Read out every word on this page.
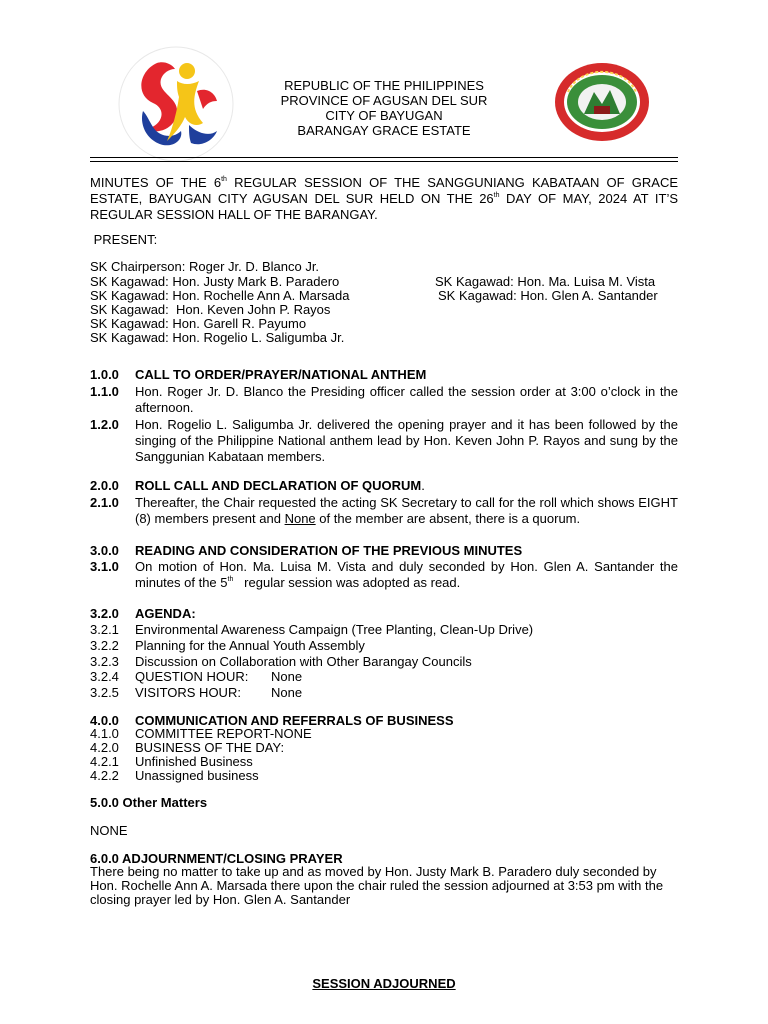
REPUBLIC OF THE PHILIPPINES
PROVINCE OF AGUSAN DEL SUR
CITY OF BAYUGAN
BARANGAY GRACE ESTATE
MINUTES OF THE 6th REGULAR SESSION OF THE SANGGUNIANG KABATAAN OF GRACE ESTATE, BAYUGAN CITY AGUSAN DEL SUR HELD ON THE 26th DAY OF MAY, 2024 AT IT’S REGULAR SESSION HALL OF THE BARANGAY.
PRESENT:
SK Chairperson: Roger Jr. D. Blanco Jr.
SK Kagawad: Hon. Justy Mark B. Paradero
SK Kagawad: Hon. Rochelle Ann A. Marsada
SK Kagawad:  Hon. Keven John P. Rayos
SK Kagawad: Hon. Garell R. Payumo
SK Kagawad: Hon. Rogelio L. Saligumba Jr.
SK Kagawad: Hon. Ma. Luisa M. Vista
SK Kagawad: Hon. Glen A. Santander
1.0.0 CALL TO ORDER/PRAYER/NATIONAL ANTHEM
1.1.0 Hon. Roger Jr. D. Blanco the Presiding officer called the session order at 3:00 o’clock in the afternoon.
1.2.0 Hon. Rogelio L. Saligumba Jr. delivered the opening prayer and it has been followed by the singing of the Philippine National anthem lead by Hon. Keven John P. Rayos and sung by the Sanggunian Kabataan members.
2.0.0 ROLL CALL AND DECLARATION OF QUORUM.
2.1.0 Thereafter, the Chair requested the acting SK Secretary to call for the roll which shows EIGHT (8) members present and None of the member are absent, there is a quorum.
3.0.0 READING AND CONSIDERATION OF THE PREVIOUS MINUTES
3.1.0 On motion of Hon. Ma. Luisa M. Vista and duly seconded by Hon. Glen A. Santander the minutes of the 5th   regular session was adopted as read.
3.2.0 AGENDA:
3.2.1 Environmental Awareness Campaign (Tree Planting, Clean-Up Drive)
3.2.2 Planning for the Annual Youth Assembly
3.2.3 Discussion on Collaboration with Other Barangay Councils
3.2.4 QUESTION HOUR: None
3.2.5 VISITORS HOUR: None
4.0.0 COMMUNICATION AND REFERRALS OF BUSINESS
4.1.0 COMMITTEE REPORT-NONE
4.2.0 BUSINESS OF THE DAY:
4.2.1 Unfinished Business
4.2.2 Unassigned business
5.0.0 Other Matters
NONE
6.0.0 ADJOURNMENT/CLOSING PRAYER
There being no matter to take up and as moved by Hon. Justy Mark B. Paradero duly seconded by Hon. Rochelle Ann A. Marsada there upon the chair ruled the session adjourned at 3:53 pm with the closing prayer led by Hon. Glen A. Santander
SESSION ADJOURNED
